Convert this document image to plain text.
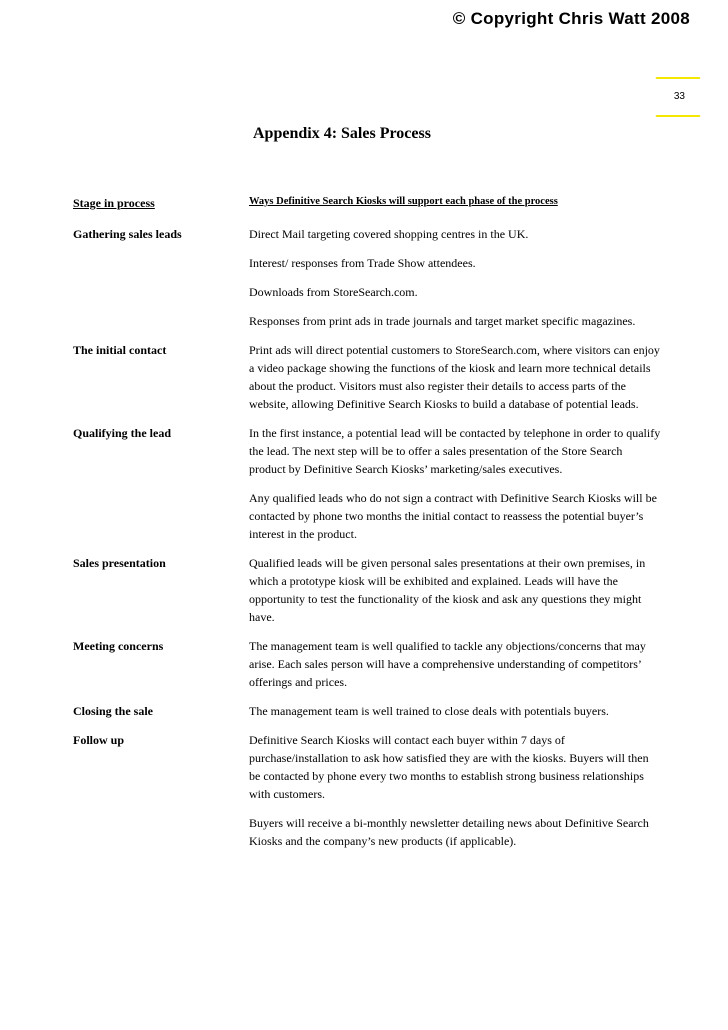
© Copyright Chris Watt 2008
33
Appendix 4: Sales Process
Stage in process	Ways Definitive Search Kiosks will support each phase of the process
Gathering sales leads	Direct Mail targeting covered shopping centres in the UK.

Interest/ responses from Trade Show attendees.

Downloads from StoreSearch.com.

Responses from print ads in trade journals and target market specific magazines.

The initial contact	Print ads will direct potential customers to StoreSearch.com, where visitors can enjoy a video package showing the functions of the kiosk and learn more technical details about the product. Visitors must also register their details to access parts of the website, allowing Definitive Search Kiosks to build a database of potential leads.

Qualifying the lead	In the first instance, a potential lead will be contacted by telephone in order to qualify the lead. The next step will be to offer a sales presentation of the Store Search product by Definitive Search Kiosks’ marketing/sales executives.

Any qualified leads who do not sign a contract with Definitive Search Kiosks will be contacted by phone two months the initial contact to reassess the potential buyer’s interest in the product.

Sales presentation	Qualified leads will be given personal sales presentations at their own premises, in which a prototype kiosk will be exhibited and explained. Leads will have the opportunity to test the functionality of the kiosk and ask any questions they might have.

Meeting concerns	The management team is well qualified to tackle any objections/concerns that may arise. Each sales person will have a comprehensive understanding of competitors’ offerings and prices.

Closing the sale	The management team is well trained to close deals with potentials buyers.

Follow up	Definitive Search Kiosks will contact each buyer within 7 days of purchase/installation to ask how satisfied they are with the kiosks. Buyers will then be contacted by phone every two months to establish strong business relationships with customers.

Buyers will receive a bi-monthly newsletter detailing news about Definitive Search Kiosks and the company’s new products (if applicable).
